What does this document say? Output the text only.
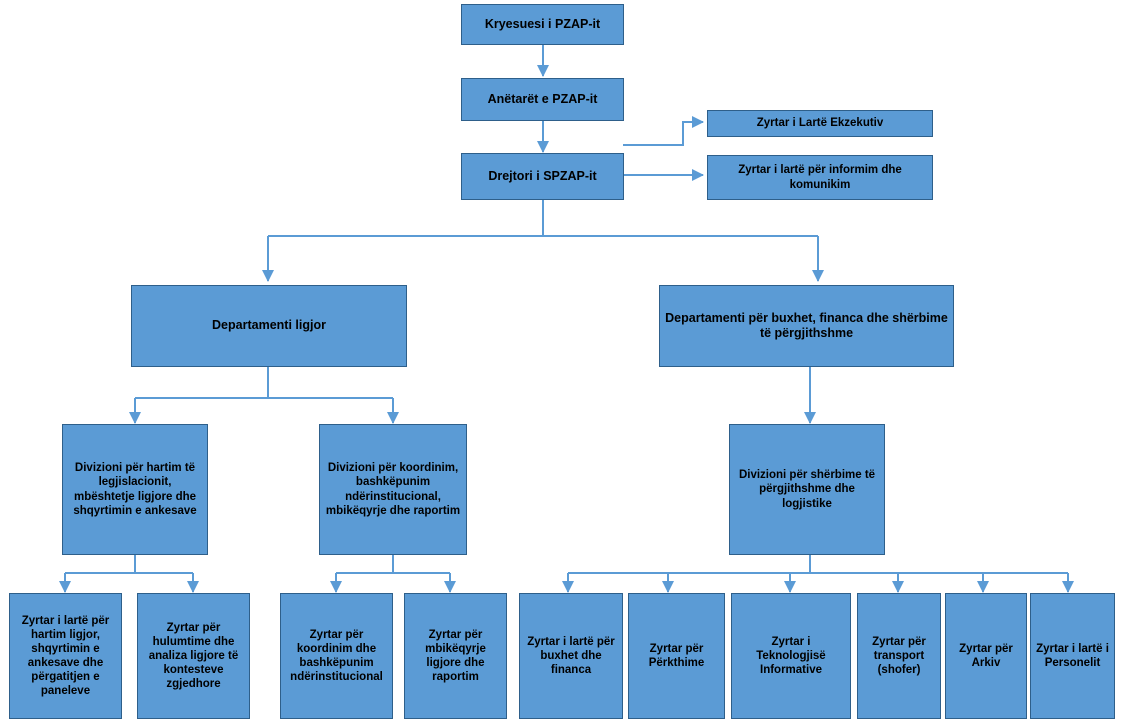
Kryesuesi i PZAP-it
Anëtarët e PZAP-it
Drejtori i SPZAP-it
Zyrtar i Lartë Ekzekutiv
Zyrtar i lartë për informim dhe komunikim
Departamenti ligjor
Departamenti për buxhet, financa dhe shërbime të përgjithshme
Divizioni për hartim të legjislacionit, mbështetje ligjore dhe shqyrtimin e ankesave
Divizioni për koordinim, bashkëpunim ndërinstitucional, mbikëqyrje dhe raportim
Divizioni për shërbime të përgjithshme dhe logjistike
Zyrtar i lartë për hartim ligjor, shqyrtimin e ankesave dhe përgatitjen e paneleve
Zyrtar për hulumtime dhe analiza ligjore të kontesteve zgjedhore
Zyrtar për koordinim dhe bashkëpunim ndërinstitucional
Zyrtar për mbikëqyrje ligjore dhe raportim
Zyrtar i lartë për buxhet dhe financa
Zyrtar për Përkthime
Zyrtar i Teknologjisë Informative
Zyrtar për transport (shofer)
Zyrtar për Arkiv
Zyrtar i lartë i Personelit
